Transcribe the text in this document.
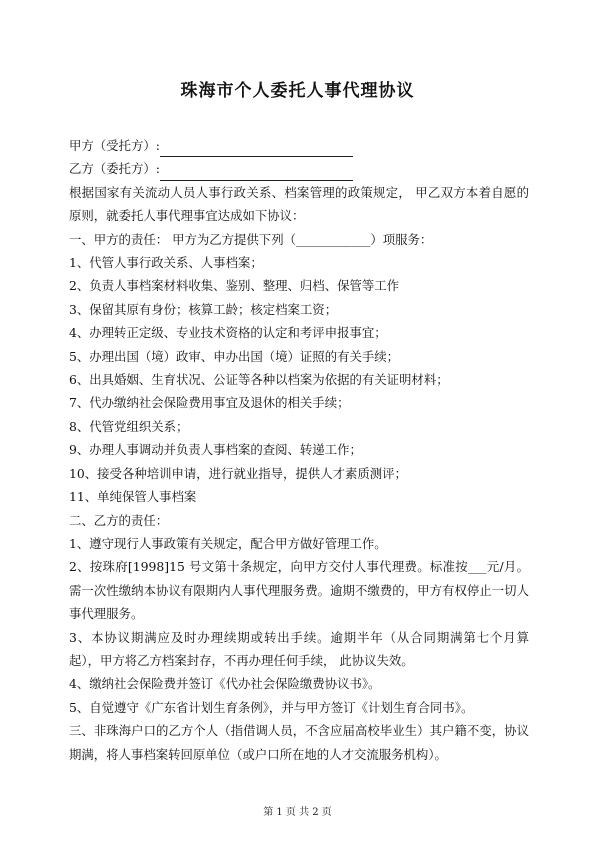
珠海市个人委托人事代理协议
甲方（受托方）:
乙方（委托方）:
根据国家有关流动人员人事行政关系、档案管理的政策规定， 甲乙双方本着自愿的原则，就委托人事代理事宜达成如下协议：
一、甲方的责任： 甲方为乙方提供下列（____________）项服务：
1、代管人事行政关系、人事档案；
2、负责人事档案材料收集、鉴别、整理、归档、保管等工作
3、保留其原有身份；核算工龄；核定档案工资；
4、办理转正定级、专业技术资格的认定和考评申报事宜；
5、办理出国（境）政审、申办出国（境）证照的有关手续；
6、出具婚姻、生育状况、公证等各种以档案为依据的有关证明材料；
7、代办缴纳社会保险费用事宜及退休的相关手续；
8、代管党组织关系；
9、办理人事调动并负责人事档案的查阅、转递工作；
10、接受各种培训申请，进行就业指导，提供人才素质测评；
11、单纯保管人事档案
二、乙方的责任：
1、遵守现行人事政策有关规定，配合甲方做好管理工作。
2、按珠府[1998]15 号文第十条规定，向甲方交付人事代理费。标准按___元/月。需一次性缴纳本协议有限期内人事代理服务费。逾期不缴费的，甲方有权停止一切人事代理服务。
3、本协议期满应及时办理续期或转出手续。逾期半年（从合同期满第七个月算起），甲方将乙方档案封存，不再办理任何手续， 此协议失效。
4、缴纳社会保险费并签订《代办社会保险缴费协议书》。
5、自觉遵守《广东省计划生育条例》，并与甲方签订《计划生育合同书》。
三、非珠海户口的乙方个人（指借调人员，不含应届高校毕业生）其户籍不变，协议期满，将人事档案转回原单位（或户口所在地的人才交流服务机构）。
第 1 页 共 2 页
